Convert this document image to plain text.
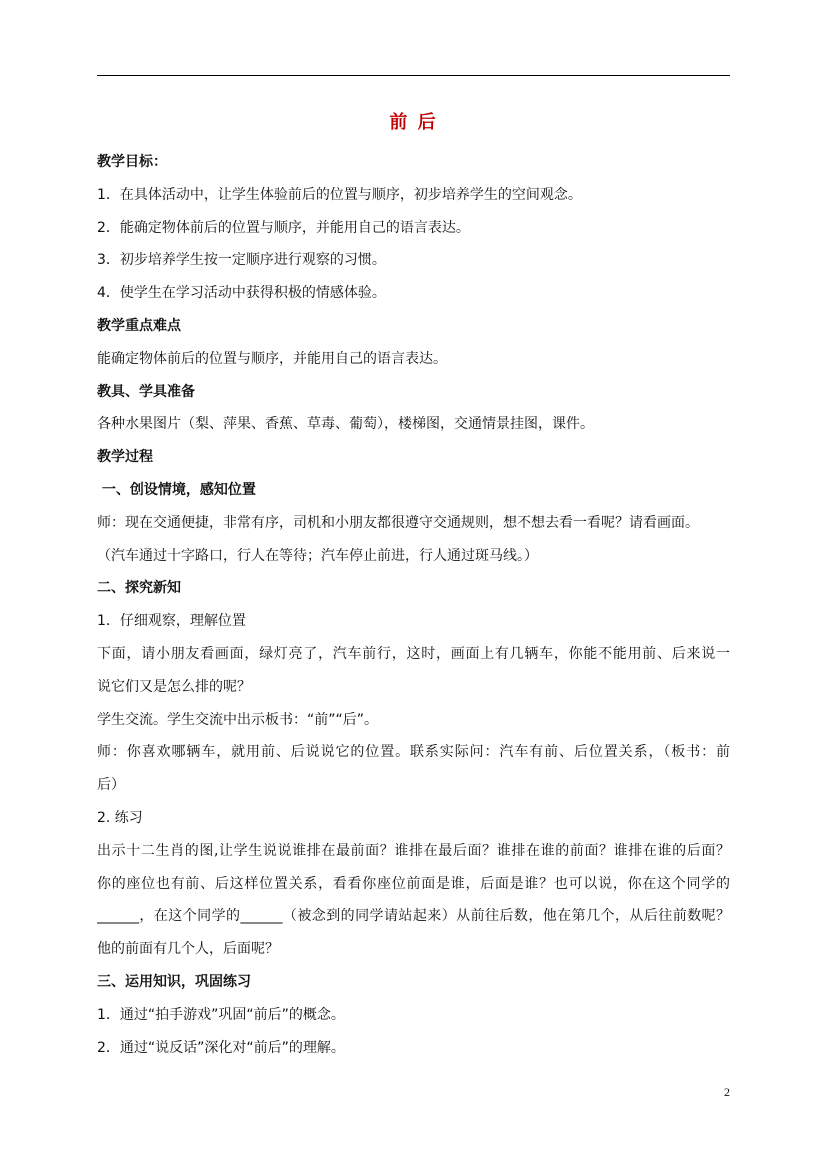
前 后
教学目标：
1．在具体活动中，让学生体验前后的位置与顺序，初步培养学生的空间观念。
2．能确定物体前后的位置与顺序，并能用自己的语言表达。
3．初步培养学生按一定顺序进行观察的习惯。
4．使学生在学习活动中获得积极的情感体验。
教学重点难点
能确定物体前后的位置与顺序，并能用自己的语言表达。
教具、学具准备
各种水果图片（梨、萍果、香蕉、草毒、葡萄），楼梯图，交通情景挂图，课件。
教学过程
一、创设情境，感知位置
师：现在交通便捷，非常有序，司机和小朋友都很遵守交通规则，想不想去看一看呢？请看画面。
（汽车通过十字路口，行人在等待；汽车停止前进，行人通过斑马线。）
二、探究新知
1．仔细观察，理解位置
下面，请小朋友看画面，绿灯亮了，汽车前行，这时，画面上有几辆车，你能不能用前、后来说一
说它们又是怎么排的呢？
学生交流。学生交流中出示板书：“前”“后”。
师：你喜欢哪辆车，就用前、后说说它的位置。联系实际问：汽车有前、后位置关系，（板书：前
后）
2. 练习
出示十二生肖的图,让学生说说谁排在最前面？谁排在最后面？谁排在谁的前面？谁排在谁的后面？
你的座位也有前、后这样位置关系，看看你座位前面是谁，后面是谁？也可以说，你在这个同学的
______，在这个同学的______（被念到的同学请站起来）从前往后数，他在第几个，从后往前数呢？
他的前面有几个人，后面呢？
三、运用知识，巩固练习
1．通过“拍手游戏”巩固“前后”的概念。
2．通过“说反话”深化对“前后”的理解。
2
